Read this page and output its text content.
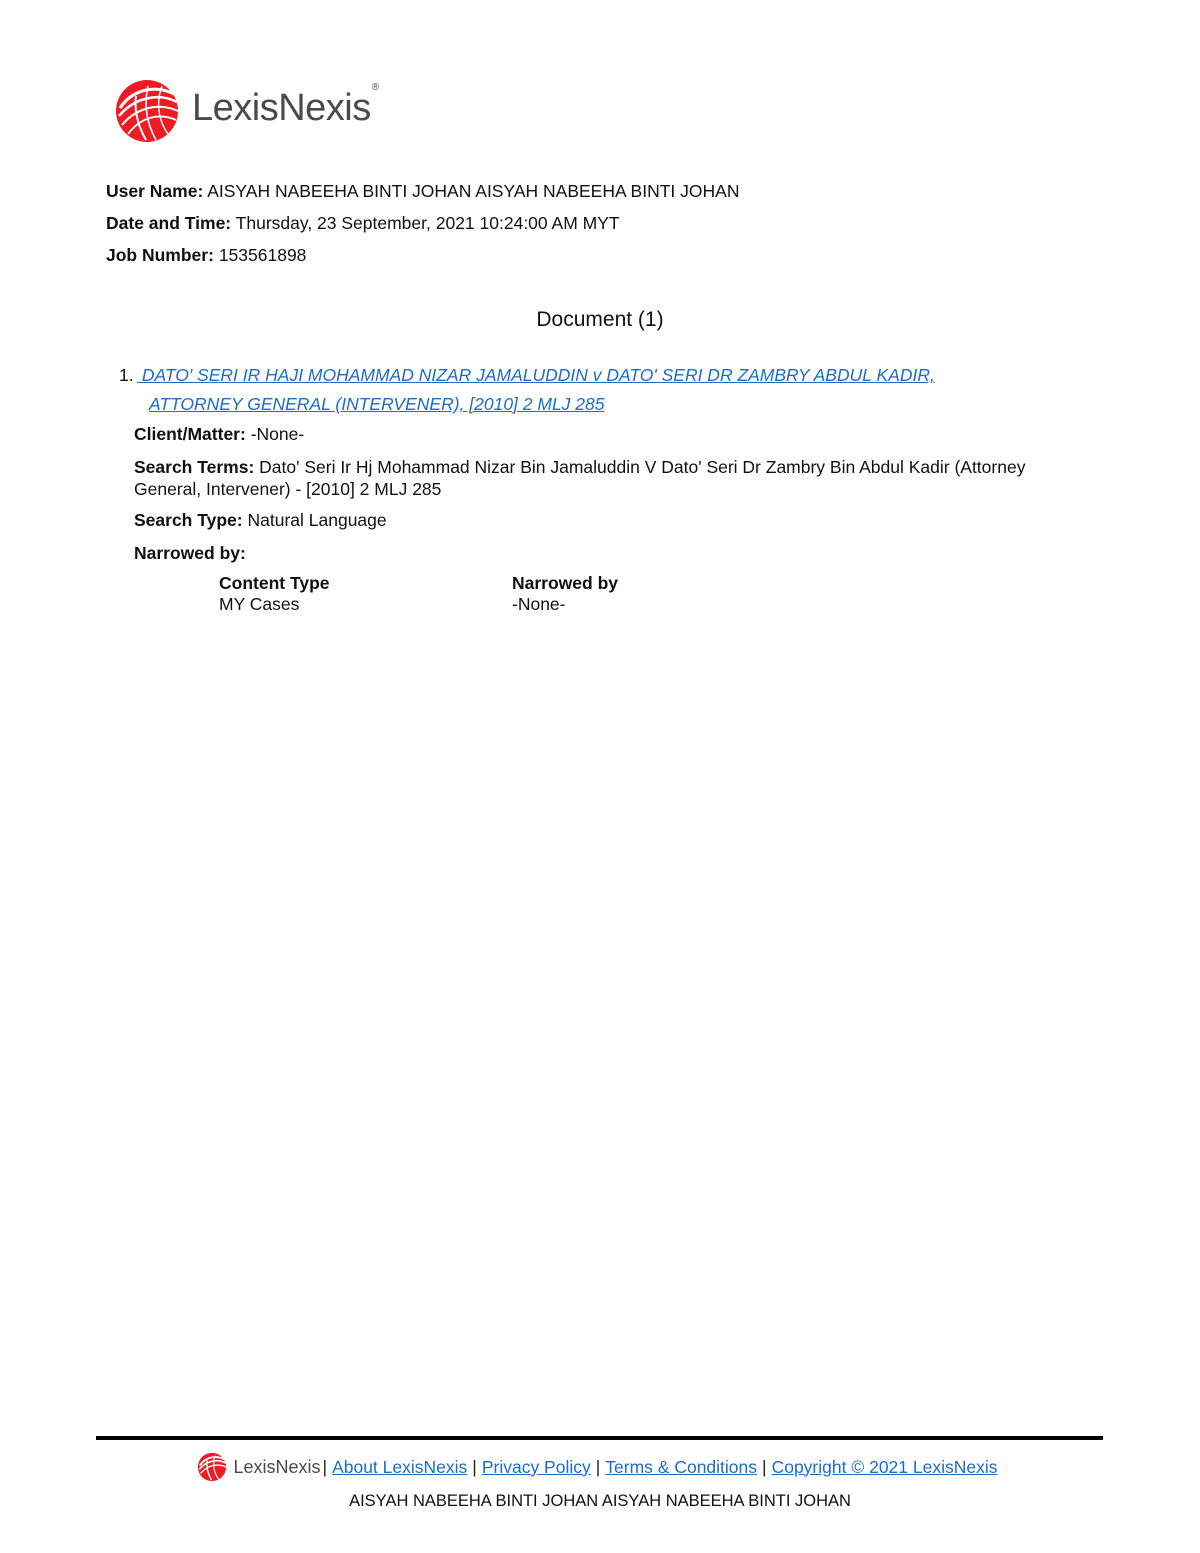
LexisNexis®
User Name: AISYAH NABEEHA BINTI JOHAN AISYAH NABEEHA BINTI JOHAN
Date and Time: Thursday, 23 September, 2021 10:24:00 AM MYT
Job Number: 153561898
Document (1)
1. DATO' SERI IR HAJI MOHAMMAD NIZAR JAMALUDDIN v DATO' SERI DR ZAMBRY ABDUL KADIR,
ATTORNEY GENERAL (INTERVENER), [2010] 2 MLJ 285
Client/Matter: -None-
Search Terms: Dato' Seri Ir Hj Mohammad Nizar Bin Jamaluddin V Dato' Seri Dr Zambry Bin Abdul Kadir (Attorney General, Intervener) - [2010] 2 MLJ 285
Search Type: Natural Language
Narrowed by:
Content Type
MY Cases
Narrowed by
-None-
LexisNexis | About LexisNexis | Privacy Policy | Terms & Conditions | Copyright © 2021 LexisNexis
AISYAH NABEEHA BINTI JOHAN AISYAH NABEEHA BINTI JOHAN
